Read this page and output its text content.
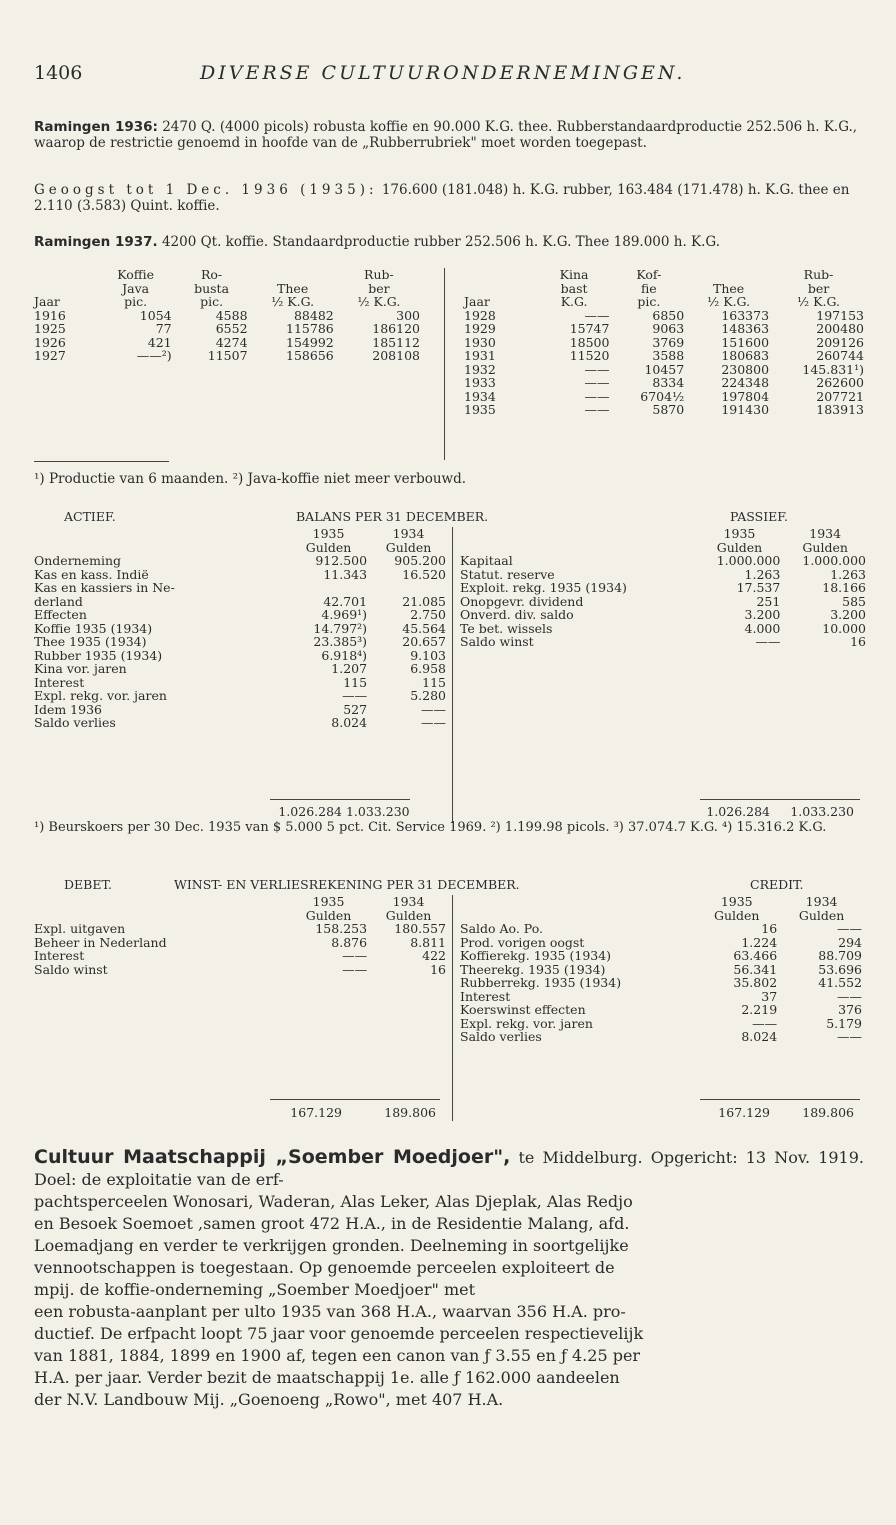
1406	DIVERSE CULTUURONDERNEMINGEN.
Ramingen 1936: 2470 Q. (4000 picols) robusta koffie en 90.000 K.G. thee. Rubberstandaardproductie 252.506 h. K.G., waarop de restrictie genoemd in hoofde van de „Rubberrubriek" moet worden toegepast.
Geoogst tot 1 Dec. 1936 (1935): 176.600 (181.048) h. K.G. rubber, 163.484 (171.478) h. K.G. thee en 2.110 (3.583) Quint. koffie.
Ramingen 1937. 4200 Qt. koffie. Standaardproductie rubber 252.506 h. K.G. Thee 189.000 h. K.G.
	Koffie	Ro-		Rub-
	Java	busta	Thee	ber
Jaar	pic.	pic.	½ K.G.	½ K.G.
1916	1054	4588	88482	300
1925	77	6552	115786	186120
1926	421	4274	154992	185112
1927	——²)	11507	158656	208108
	Kina	Kof-		Rub-
	bast	fie	Thee	ber
Jaar	K.G.	pic.	½ K.G.	½ K.G.
1928	——	6850	163373	197153
1929	15747	9063	148363	200480
1930	18500	3769	151600	209126
1931	11520	3588	180683	260744
1932	——	10457	230800	145.831¹)
1933	——	8334	224348	262600
1934	——	6704½	197804	207721
1935	——	5870	191430	183913
¹) Productie van 6 maanden. ²) Java-koffie niet meer verbouwd.
ACTIEF.	BALANS PER 31 DECEMBER.	PASSIEF.
	1935	1934
	Gulden	Gulden
Onderneming	912.500	905.200
Kas en kass. Indië	11.343	16.520
Kas en kassiers in Ne-		
derland	42.701	21.085
Effecten	4.969¹)	2.750
Koffie 1935 (1934)	14.797²)	45.564
Thee 1935 (1934)	23.385³)	20.657
Rubber 1935 (1934)	6.918⁴)	9.103
Kina vor. jaren	1.207	6.958
Interest	115	115
Expl. rekg. vor. jaren	——	5.280
Idem 1936	527	——
Saldo verlies	8.024	——
	1935	1934
	Gulden	Gulden
Kapitaal	1.000.000	1.000.000
Statut. reserve	1.263	1.263
Exploit. rekg. 1935 (1934)	17.537	18.166
Onopgevr. dividend	251	585
Onverd. div. saldo	3.200	3.200
Te bet. wissels	4.000	10.000
Saldo winst	——	16
1.026.284 1.033.230	1.026.284 1.033.230
¹) Beurskoers per 30 Dec. 1935 van $ 5.000 5 pct. Cit. Service 1969. ²) 1.199.98 picols. ³) 37.074.7 K.G. ⁴) 15.316.2 K.G.
DEBET.	WINST- EN VERLIESREKENING PER 31 DECEMBER.	CREDIT.
	1935	1934
	Gulden	Gulden
Expl. uitgaven	158.253	180.557
Beheer in Nederland	8.876	8.811
Interest	——	422
Saldo winst	——	16
	1935	1934
	Gulden	Gulden
Saldo Ao. Po.	16	——
Prod. vorigen oogst	1.224	294
Koffierekg. 1935 (1934)	63.466	88.709
Theerekg. 1935 (1934)	56.341	53.696
Rubberrekg. 1935 (1934)	35.802	41.552
Interest	37	——
Koerswinst effecten	2.219	376
Expl. rekg. vor. jaren	——	5.179
Saldo verlies	8.024	——
167.129	189.806	167.129	189.806
Cultuur Maatschappij „Soember Moedjoer", te Middelburg. Opgericht: 13 Nov. 1919. Doel: de exploitatie van de erf-
pachtsperceelen Wonosari, Waderan, Alas Leker, Alas Djeplak, Alas Redjo
en Besoek Soemoet ,samen groot 472 H.A., in de Residentie Malang, afd.
Loemadjang en verder te verkrijgen gronden. Deelneming in soortgelijke
vennootschappen is toegestaan. Op genoemde perceelen exploiteert de
mpij. de koffie-onderneming „Soember Moedjoer" met
een robusta-aanplant per ulto 1935 van 368 H.A., waarvan 356 H.A. pro-
ductief. De erfpacht loopt 75 jaar voor genoemde perceelen respectievelijk
van 1881, 1884, 1899 en 1900 af, tegen een canon van ƒ 3.55 en ƒ 4.25 per
H.A. per jaar. Verder bezit de maatschappij 1e. alle ƒ 162.000 aandeelen
der N.V. Landbouw Mij. „Goenoeng „Rowo", met 407 H.A.
